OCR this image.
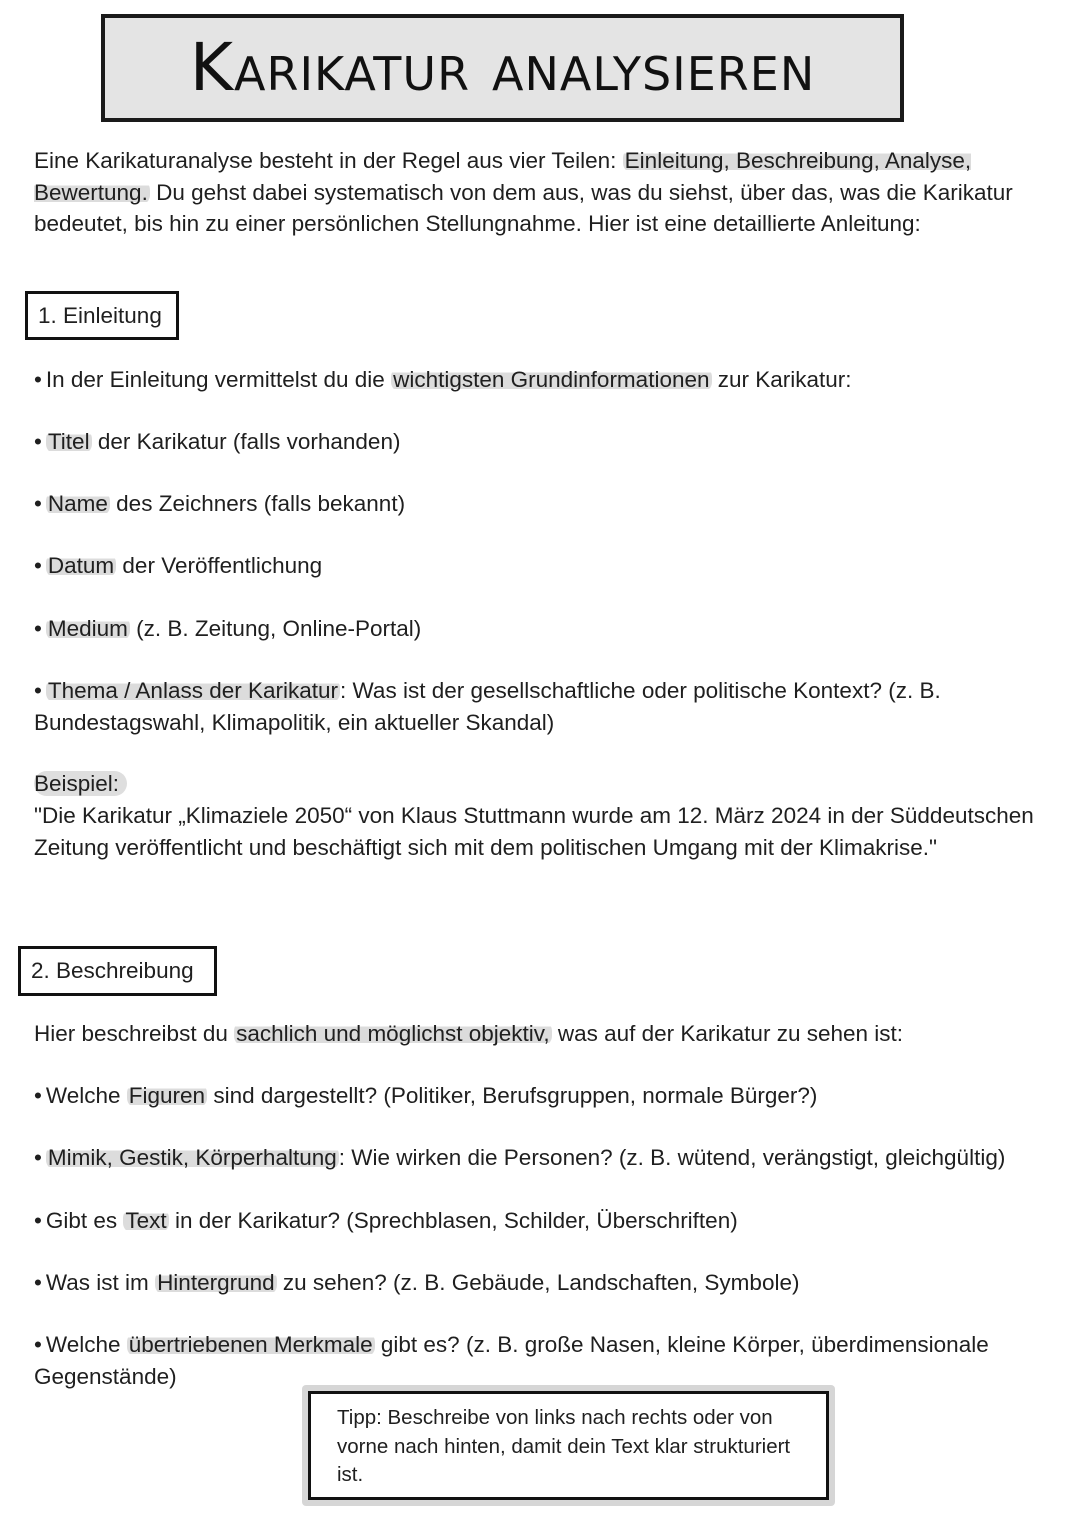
Karikatur analysieren

Eine Karikaturanalyse besteht in der Regel aus vier Teilen: Einleitung, Beschreibung, Analyse, Bewertung. Du gehst dabei systematisch von dem aus, was du siehst, über das, was die Karikatur bedeutet, bis hin zu einer persönlichen Stellungnahme. Hier ist eine detaillierte Anleitung:

1. Einleitung

• In der Einleitung vermittelst du die wichtigsten Grundinformationen zur Karikatur:

• Titel der Karikatur (falls vorhanden)

• Name des Zeichners (falls bekannt)

• Datum der Veröffentlichung

• Medium (z. B. Zeitung, Online-Portal)

• Thema / Anlass der Karikatur: Was ist der gesellschaftliche oder politische Kontext? (z. B. Bundestagswahl, Klimapolitik, ein aktueller Skandal)

Beispiel:

"Die Karikatur „Klimaziele 2050“ von Klaus Stuttmann wurde am 12. März 2024 in der Süddeutschen Zeitung veröffentlicht und beschäftigt sich mit dem politischen Umgang mit der Klimakrise."

2. Beschreibung

Hier beschreibst du sachlich und möglichst objektiv, was auf der Karikatur zu sehen ist:

• Welche Figuren sind dargestellt? (Politiker, Berufsgruppen, normale Bürger?)

• Mimik, Gestik, Körperhaltung: Wie wirken die Personen? (z. B. wütend, verängstigt, gleichgültig)

• Gibt es Text in der Karikatur? (Sprechblasen, Schilder, Überschriften)

• Was ist im Hintergrund zu sehen? (z. B. Gebäude, Landschaften, Symbole)

• Welche übertriebenen Merkmale gibt es? (z. B. große Nasen, kleine Körper, überdimensionale Gegenstände)

Tipp: Beschreibe von links nach rechts oder von vorne nach hinten, damit dein Text klar strukturiert ist.
